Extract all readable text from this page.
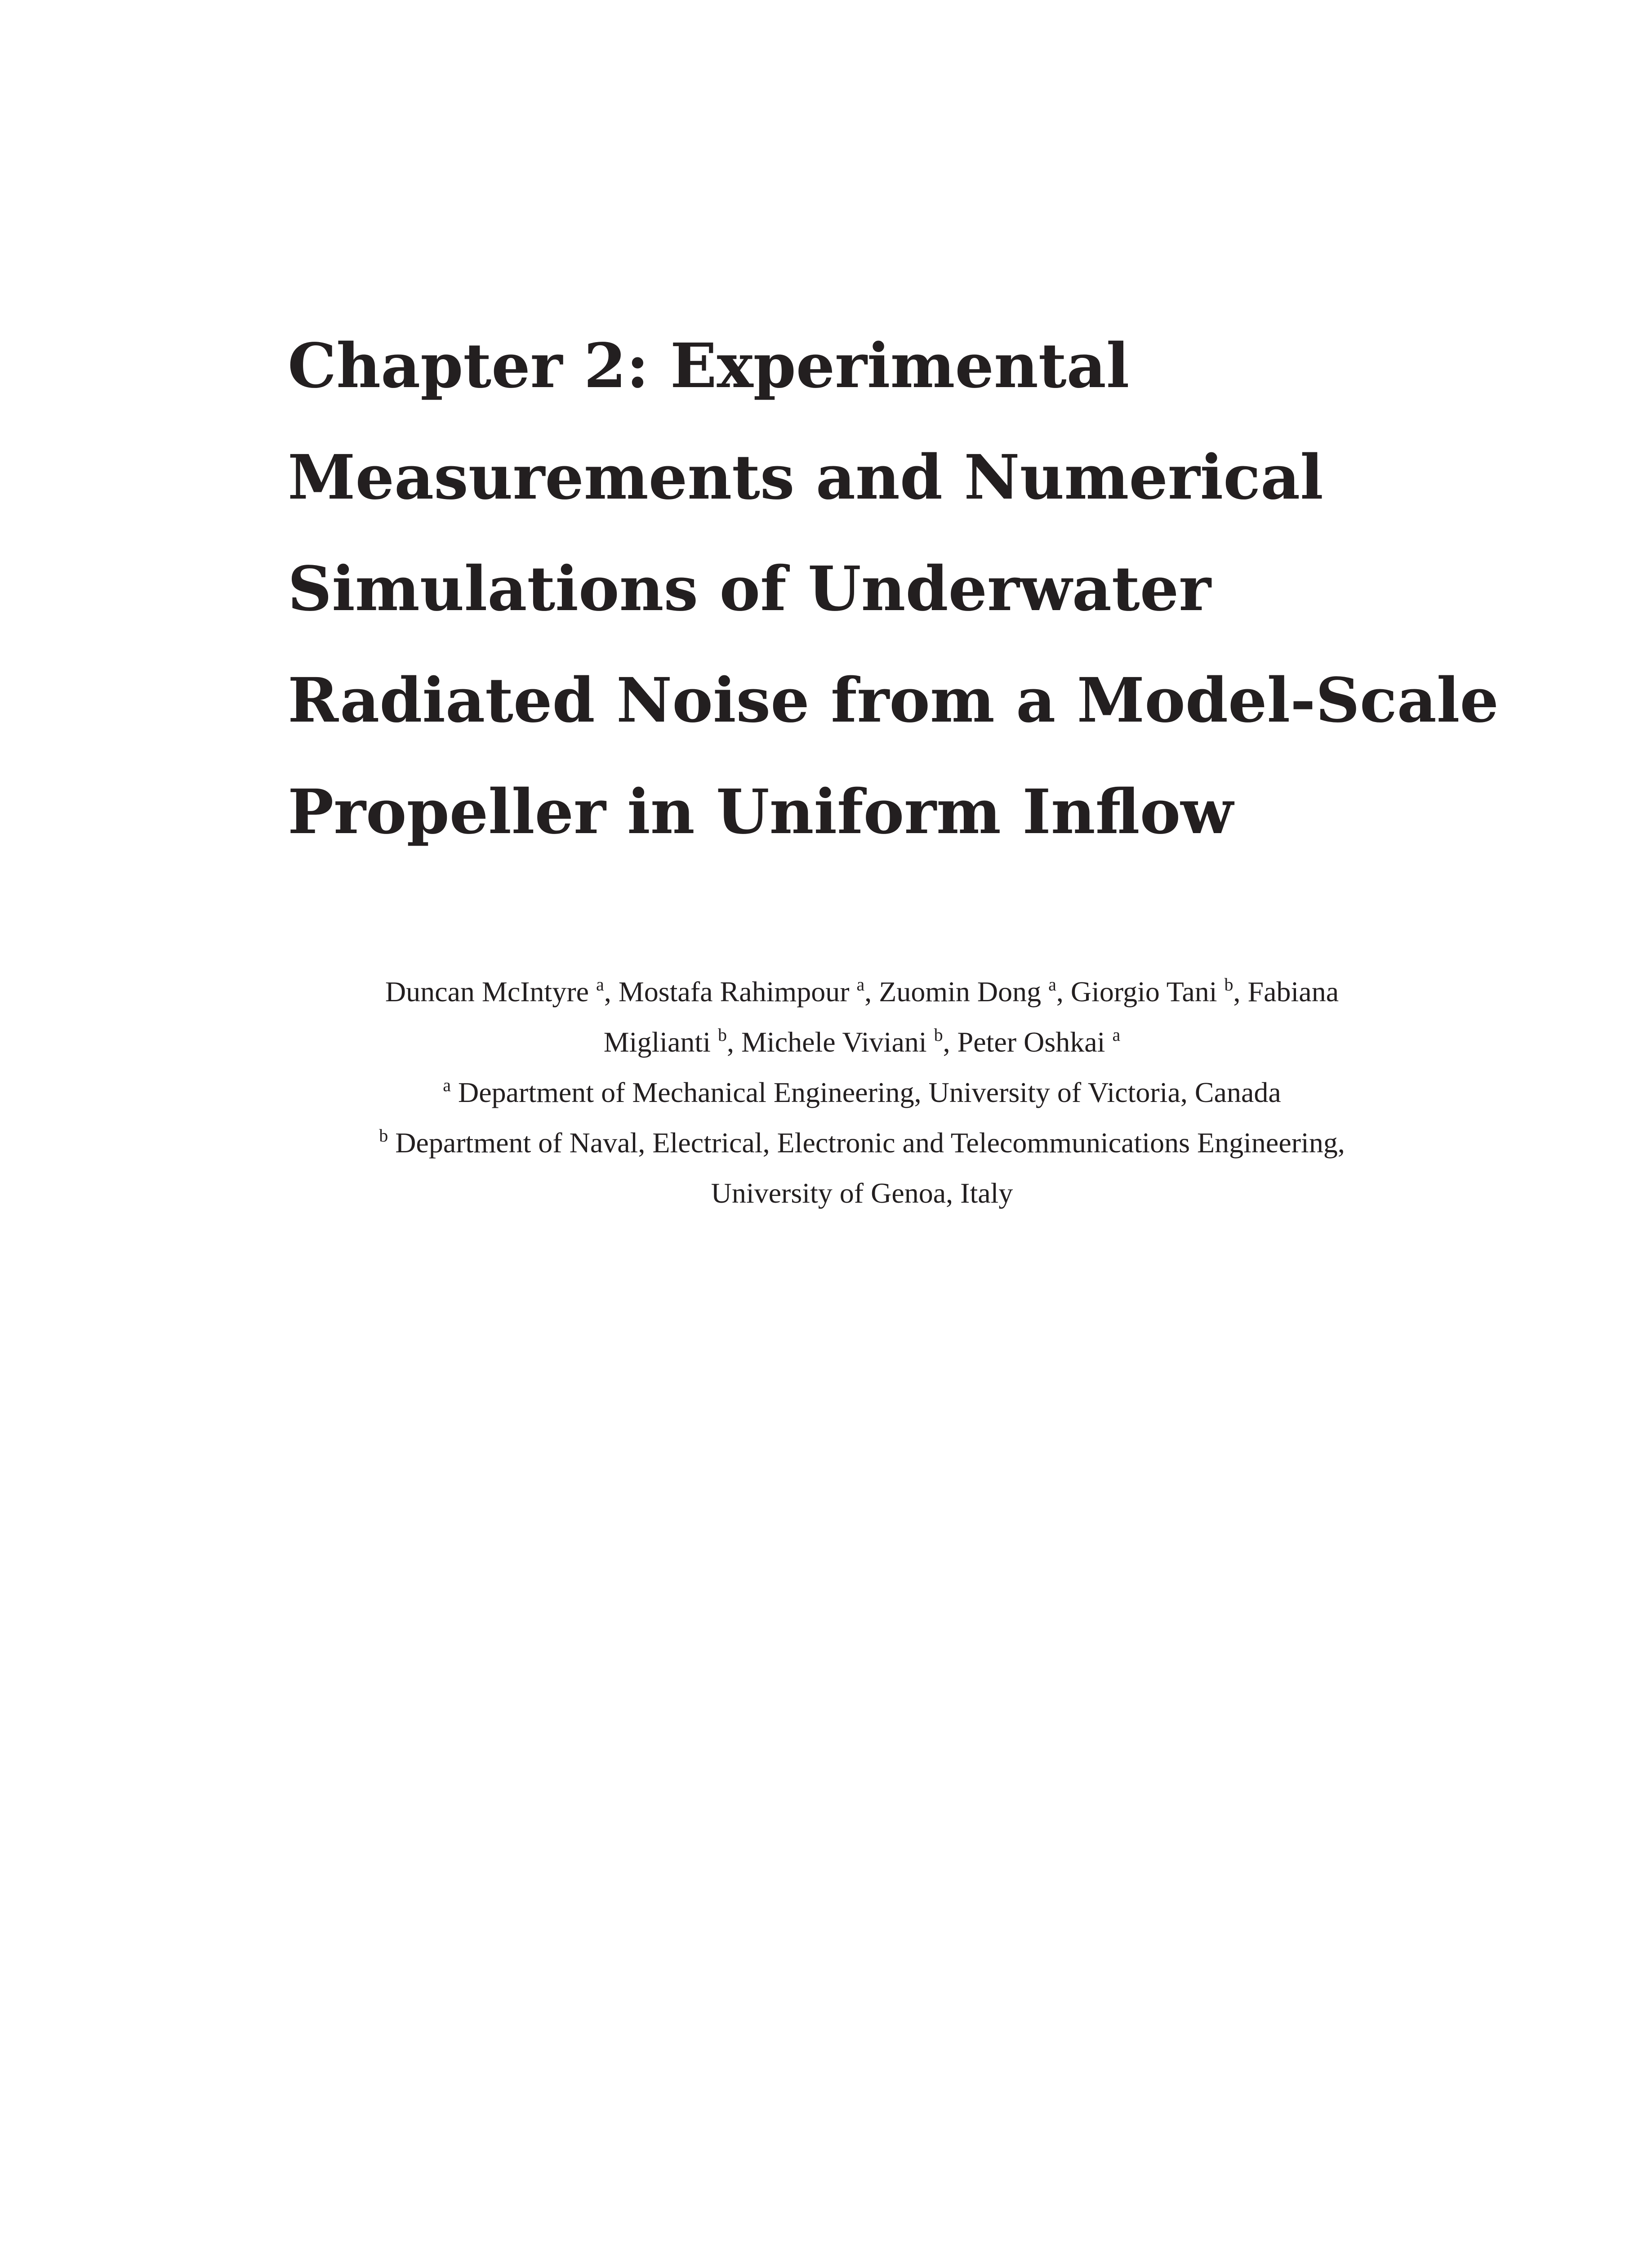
Chapter 2: Experimental
Measurements and Numerical
Simulations of Underwater
Radiated Noise from a Model-Scale
Propeller in Uniform Inflow
Duncan McIntyre $^a$, Mostafa Rahimpour $^a$, Zuomin Dong $^a$, Giorgio Tani $^b$, Fabiana
Miglianti $^b$, Michele Viviani $^b$, Peter Oshkai $^a$
$^a$ Department of Mechanical Engineering, University of Victoria, Canada
$^b$ Department of Naval, Electrical, Electronic and Telecommunications Engineering,
University of Genoa, Italy
